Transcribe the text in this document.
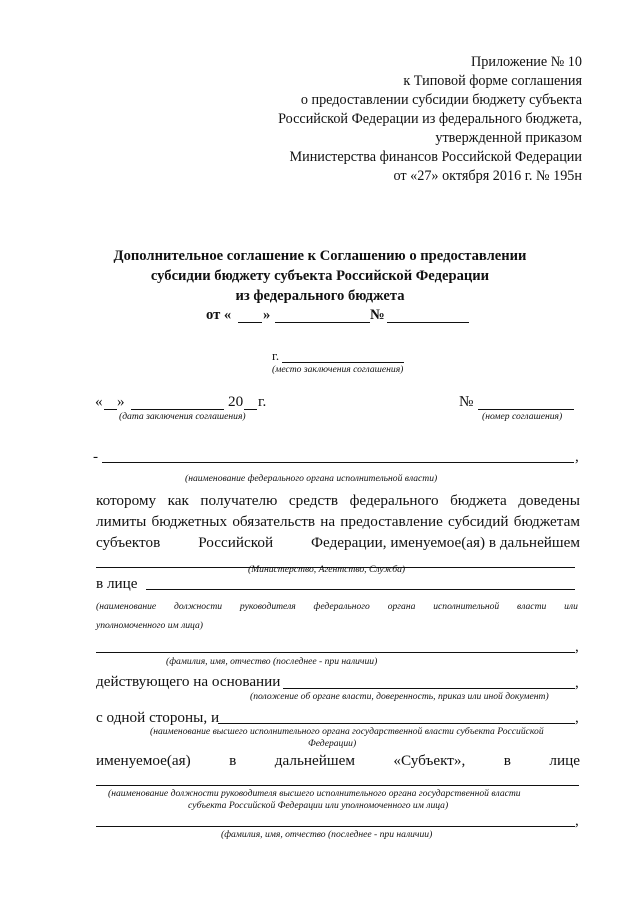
Приложение № 10
к Типовой форме соглашения
о предоставлении субсидии бюджету субъекта
Российской Федерации из федерального бюджета,
утвержденной приказом
Министерства финансов Российской Федерации
от «27» октября 2016 г. № 195н
Дополнительное соглашение к Соглашению о предоставлении
субсидии бюджету субъекта Российской Федерации
из федерального бюджета
от « »	№
г.
(место заключения соглашения)
« »	20 г.
(дата заключения соглашения)
№
(номер соглашения)
-	,
(наименование федерального органа исполнительной власти)
которому как получателю средств федерального бюджета доведены
лимиты бюджетных обязательств на предоставление субсидий бюджетам
субъектов Российской Федерации, именуемое(ая) в дальнейшем
(Министерство, Агентство, Служба)
в лице
(наименование должности руководителя федерального органа исполнительной власти или
уполномоченного им лица)
,
(фамилия, имя, отчество (последнее - при наличии)
действующего на основании	,
(положение об органе власти, доверенность, приказ или иной документ)
с одной стороны, и	,
(наименование высшего исполнительного органа государственной власти субъекта Российской
Федерации)
именуемое(ая)	в	дальнейшем	«Субъект»,	в	лице
(наименование должности руководителя высшего исполнительного органа государственной власти
субъекта Российской Федерации или уполномоченного им лица)
,
(фамилия, имя, отчество (последнее - при наличии)
